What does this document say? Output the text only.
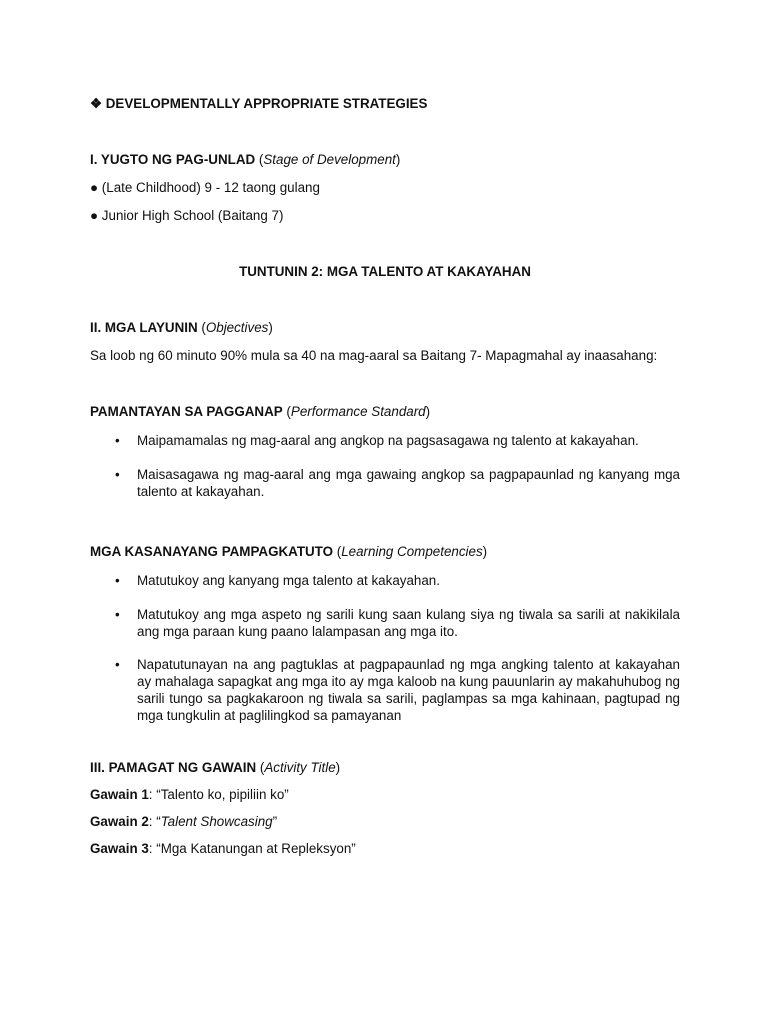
❖ DEVELOPMENTALLY APPROPRIATE STRATEGIES
I. YUGTO NG PAG-UNLAD (Stage of Development)
● (Late Childhood) 9 - 12 taong gulang
● Junior High School (Baitang 7)
TUNTUNIN 2: MGA TALENTO AT KAKAYAHAN
II. MGA LAYUNIN (Objectives)
Sa loob ng 60 minuto 90% mula sa 40 na mag-aaral sa Baitang 7- Mapagmahal ay inaasahang:
PAMANTAYAN SA PAGGANAP (Performance Standard)
• Maipamamalas ng mag-aaral ang angkop na pagsasagawa ng talento at kakayahan.
• Maisasagawa ng mag-aaral ang mga gawaing angkop sa pagpapaunlad ng kanyang mga talento at kakayahan.
MGA KASANAYANG PAMPAGKATUTO (Learning Competencies)
• Matutukoy ang kanyang mga talento at kakayahan.
• Matutukoy ang mga aspeto ng sarili kung saan kulang siya ng tiwala sa sarili at nakikilala ang mga paraan kung paano lalampasan ang mga ito.
• Napatutunayan na ang pagtuklas at pagpapaunlad ng mga angking talento at kakayahan ay mahalaga sapagkat ang mga ito ay mga kaloob na kung pauunlarin ay makahuhubog ng sarili tungo sa pagkakaroon ng tiwala sa sarili, paglampas sa mga kahinaan, pagtupad ng mga tungkulin at paglilingkod sa pamayanan
III. PAMAGAT NG GAWAIN (Activity Title)
Gawain 1: “Talento ko, pipiliin ko”
Gawain 2: “Talent Showcasing”
Gawain 3: “Mga Katanungan at Repleksyon”
